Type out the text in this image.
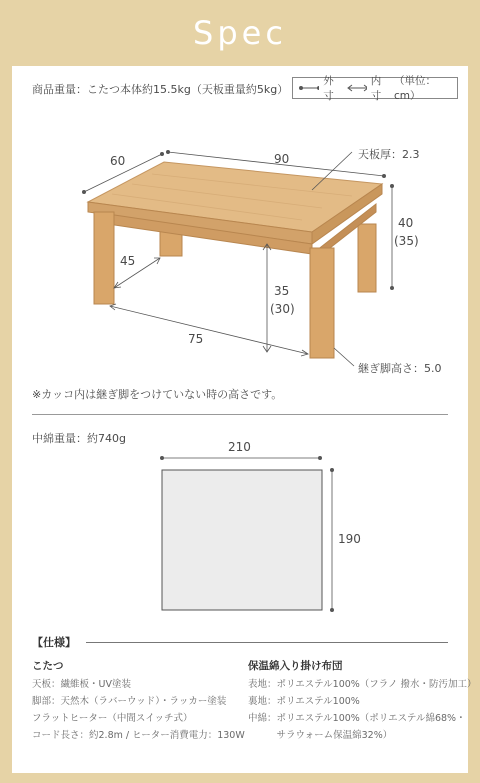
Spec
商品重量：こたつ本体約15.5kg（天板重量約5kg）
外寸
内寸
（単位：cm）
60	90	天板厚：2.3
40
(35)
45
35
(30)
75
継ぎ脚高さ：5.0
※カッコ内は継ぎ脚をつけていない時の高さです。
中綿重量：約740g
210
190
【仕様】
こたつ
天板：繊維板・UV塗装
脚部：天然木（ラバーウッド）・ラッカー塗装
フラットヒーター（中間スイッチ式）
コード長さ：約2.8m / ヒーター消費電力：130W
保温綿入り掛け布団
表地：ポリエステル100%（フラノ 撥水・防汚加工）
裏地：ポリエステル100%
中綿：ポリエステル100%（ポリエステル綿68%・
　　　サラウォーム保温綿32%）
